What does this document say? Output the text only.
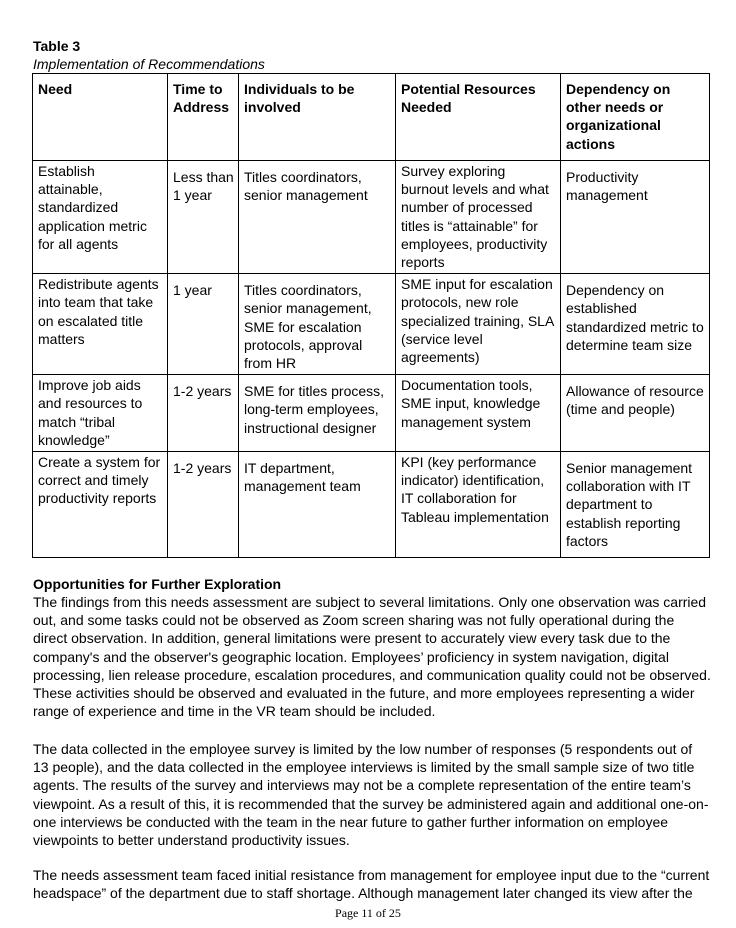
Table 3
Implementation of Recommendations
Need	Time to Address	Individuals to be involved	Potential Resources Needed	Dependency on other needs or organizational actions
Establish attainable, standardized application metric for all agents	Less than 1 year	Titles coordinators, senior management	Survey exploring burnout levels and what number of processed titles is “attainable” for employees, productivity reports	Productivity management
Redistribute agents into team that take on escalated title matters	1 year	Titles coordinators, senior management, SME for escalation protocols, approval from HR	SME input for escalation protocols, new role specialized training, SLA (service level agreements)	Dependency on established standardized metric to determine team size
Improve job aids and resources to match “tribal knowledge”	1-2 years	SME for titles process, long-term employees, instructional designer	Documentation tools, SME input, knowledge management system	Allowance of resource (time and people)
Create a system for correct and timely productivity reports	1-2 years	IT department, management team	KPI (key performance indicator) identification, IT collaboration for Tableau implementation	Senior management collaboration with IT department to establish reporting factors
Opportunities for Further Exploration

The findings from this needs assessment are subject to several limitations. Only one observation was carried out, and some tasks could not be observed as Zoom screen sharing was not fully operational during the direct observation. In addition, general limitations were present to accurately view every task due to the company's and the observer's geographic location. Employees’ proficiency in system navigation, digital processing, lien release procedure, escalation procedures, and communication quality could not be observed. These activities should be observed and evaluated in the future, and more employees representing a wider range of experience and time in the VR team should be included.

The data collected in the employee survey is limited by the low number of responses (5 respondents out of 13 people), and the data collected in the employee interviews is limited by the small sample size of two title agents. The results of the survey and interviews may not be a complete representation of the entire team’s viewpoint. As a result of this, it is recommended that the survey be administered again and additional one-on-one interviews be conducted with the team in the near future to gather further information on employee viewpoints to better understand productivity issues.

The needs assessment team faced initial resistance from management for employee input due to the “current headspace” of the department due to staff shortage. Although management later changed its view after the

Page 11 of 25
